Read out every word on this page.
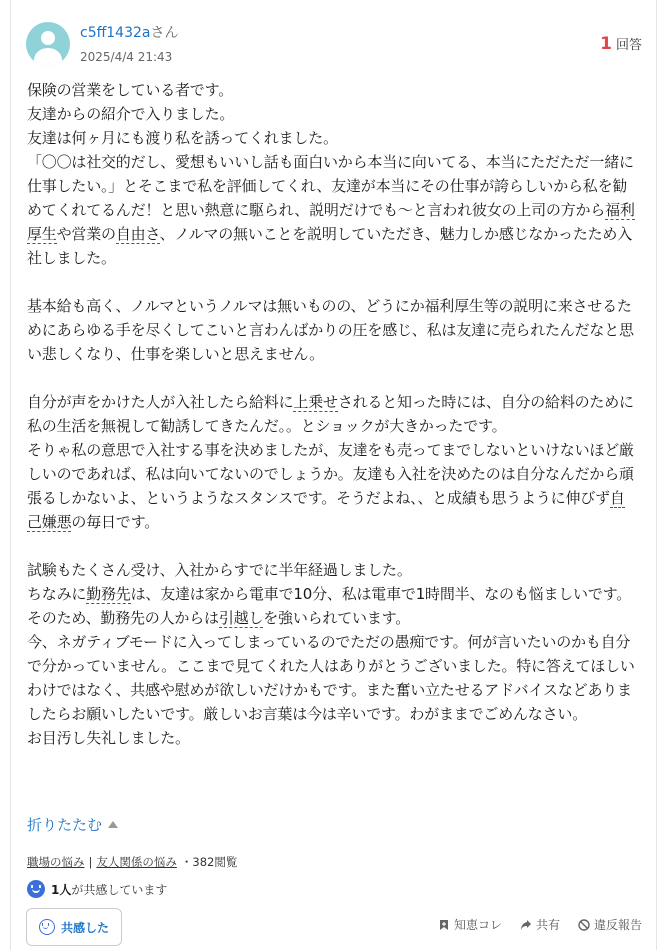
c5ff1432aさん
2025/4/4 21:43
1 回答
保険の営業をしている者です。
友達からの紹介で入りました。
友達は何ヶ月にも渡り私を誘ってくれました。
「〇〇は社交的だし、愛想もいいし話も面白いから本当に向いてる、本当にただただ一緒に仕事したい。」とそこまで私を評価してくれ、友達が本当にその仕事が誇らしいから私を勧めてくれてるんだ！と思い熱意に駆られ、説明だけでも〜と言われ彼女の上司の方から福利厚生や営業の自由さ、ノルマの無いことを説明していただき、魅力しか感じなかったため入社しました。

基本給も高く、ノルマというノルマは無いものの、どうにか福利厚生等の説明に来させるためにあらゆる手を尽くしてこいと言わんばかりの圧を感じ、私は友達に売られたんだなと思い悲しくなり、仕事を楽しいと思えません。

自分が声をかけた人が入社したら給料に上乗せされると知った時には、自分の給料のために私の生活を無視して勧誘してきたんだ。。とショックが大きかったです。
そりゃ私の意思で入社する事を決めましたが、友達をも売ってまでしないといけないほど厳しいのであれば、私は向いてないのでしょうか。友達も入社を決めたのは自分なんだから頑張るしかないよ、というようなスタンスです。そうだよね、、と成績も思うように伸びず自己嫌悪の毎日です。

試験もたくさん受け、入社からすでに半年経過しました。
ちなみに勤務先は、友達は家から電車で10分、私は電車で1時間半、なのも悩ましいです。
そのため、勤務先の人からは引越しを強いられています。
今、ネガティブモードに入ってしまっているのでただの愚痴です。何が言いたいのかも自分で分かっていません。ここまで見てくれた人はありがとうございました。特に答えてほしいわけではなく、共感や慰めが欲しいだけかもです。また奮い立たせるアドバイスなどありましたらお願いしたいです。厳しいお言葉は今は辛いです。わがままでごめんなさい。
お目汚し失礼しました。
折りたたむ
職場の悩み | 友人関係の悩み ・382閲覧
1人が共感しています
共感した	知恵コレ	共有	違反報告
